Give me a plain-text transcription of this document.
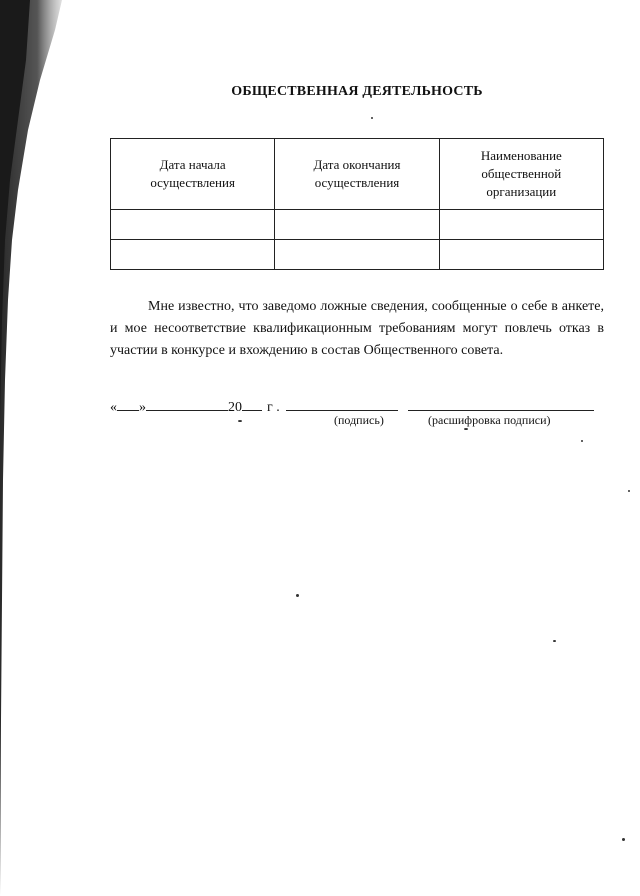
ОБЩЕСТВЕННАЯ ДЕЯТЕЛЬНОСТЬ
Дата начала осуществления	Дата окончания осуществления	Наименование общественной организации

Мне известно, что заведомо ложные сведения, сообщенные о себе в анкете, и мое несоответствие квалификационным требованиям могут повлечь отказ в участии в конкурсе и вхождению в состав Общественного совета.

« »	20 г .
(подпись)	(расшифровка подписи)
